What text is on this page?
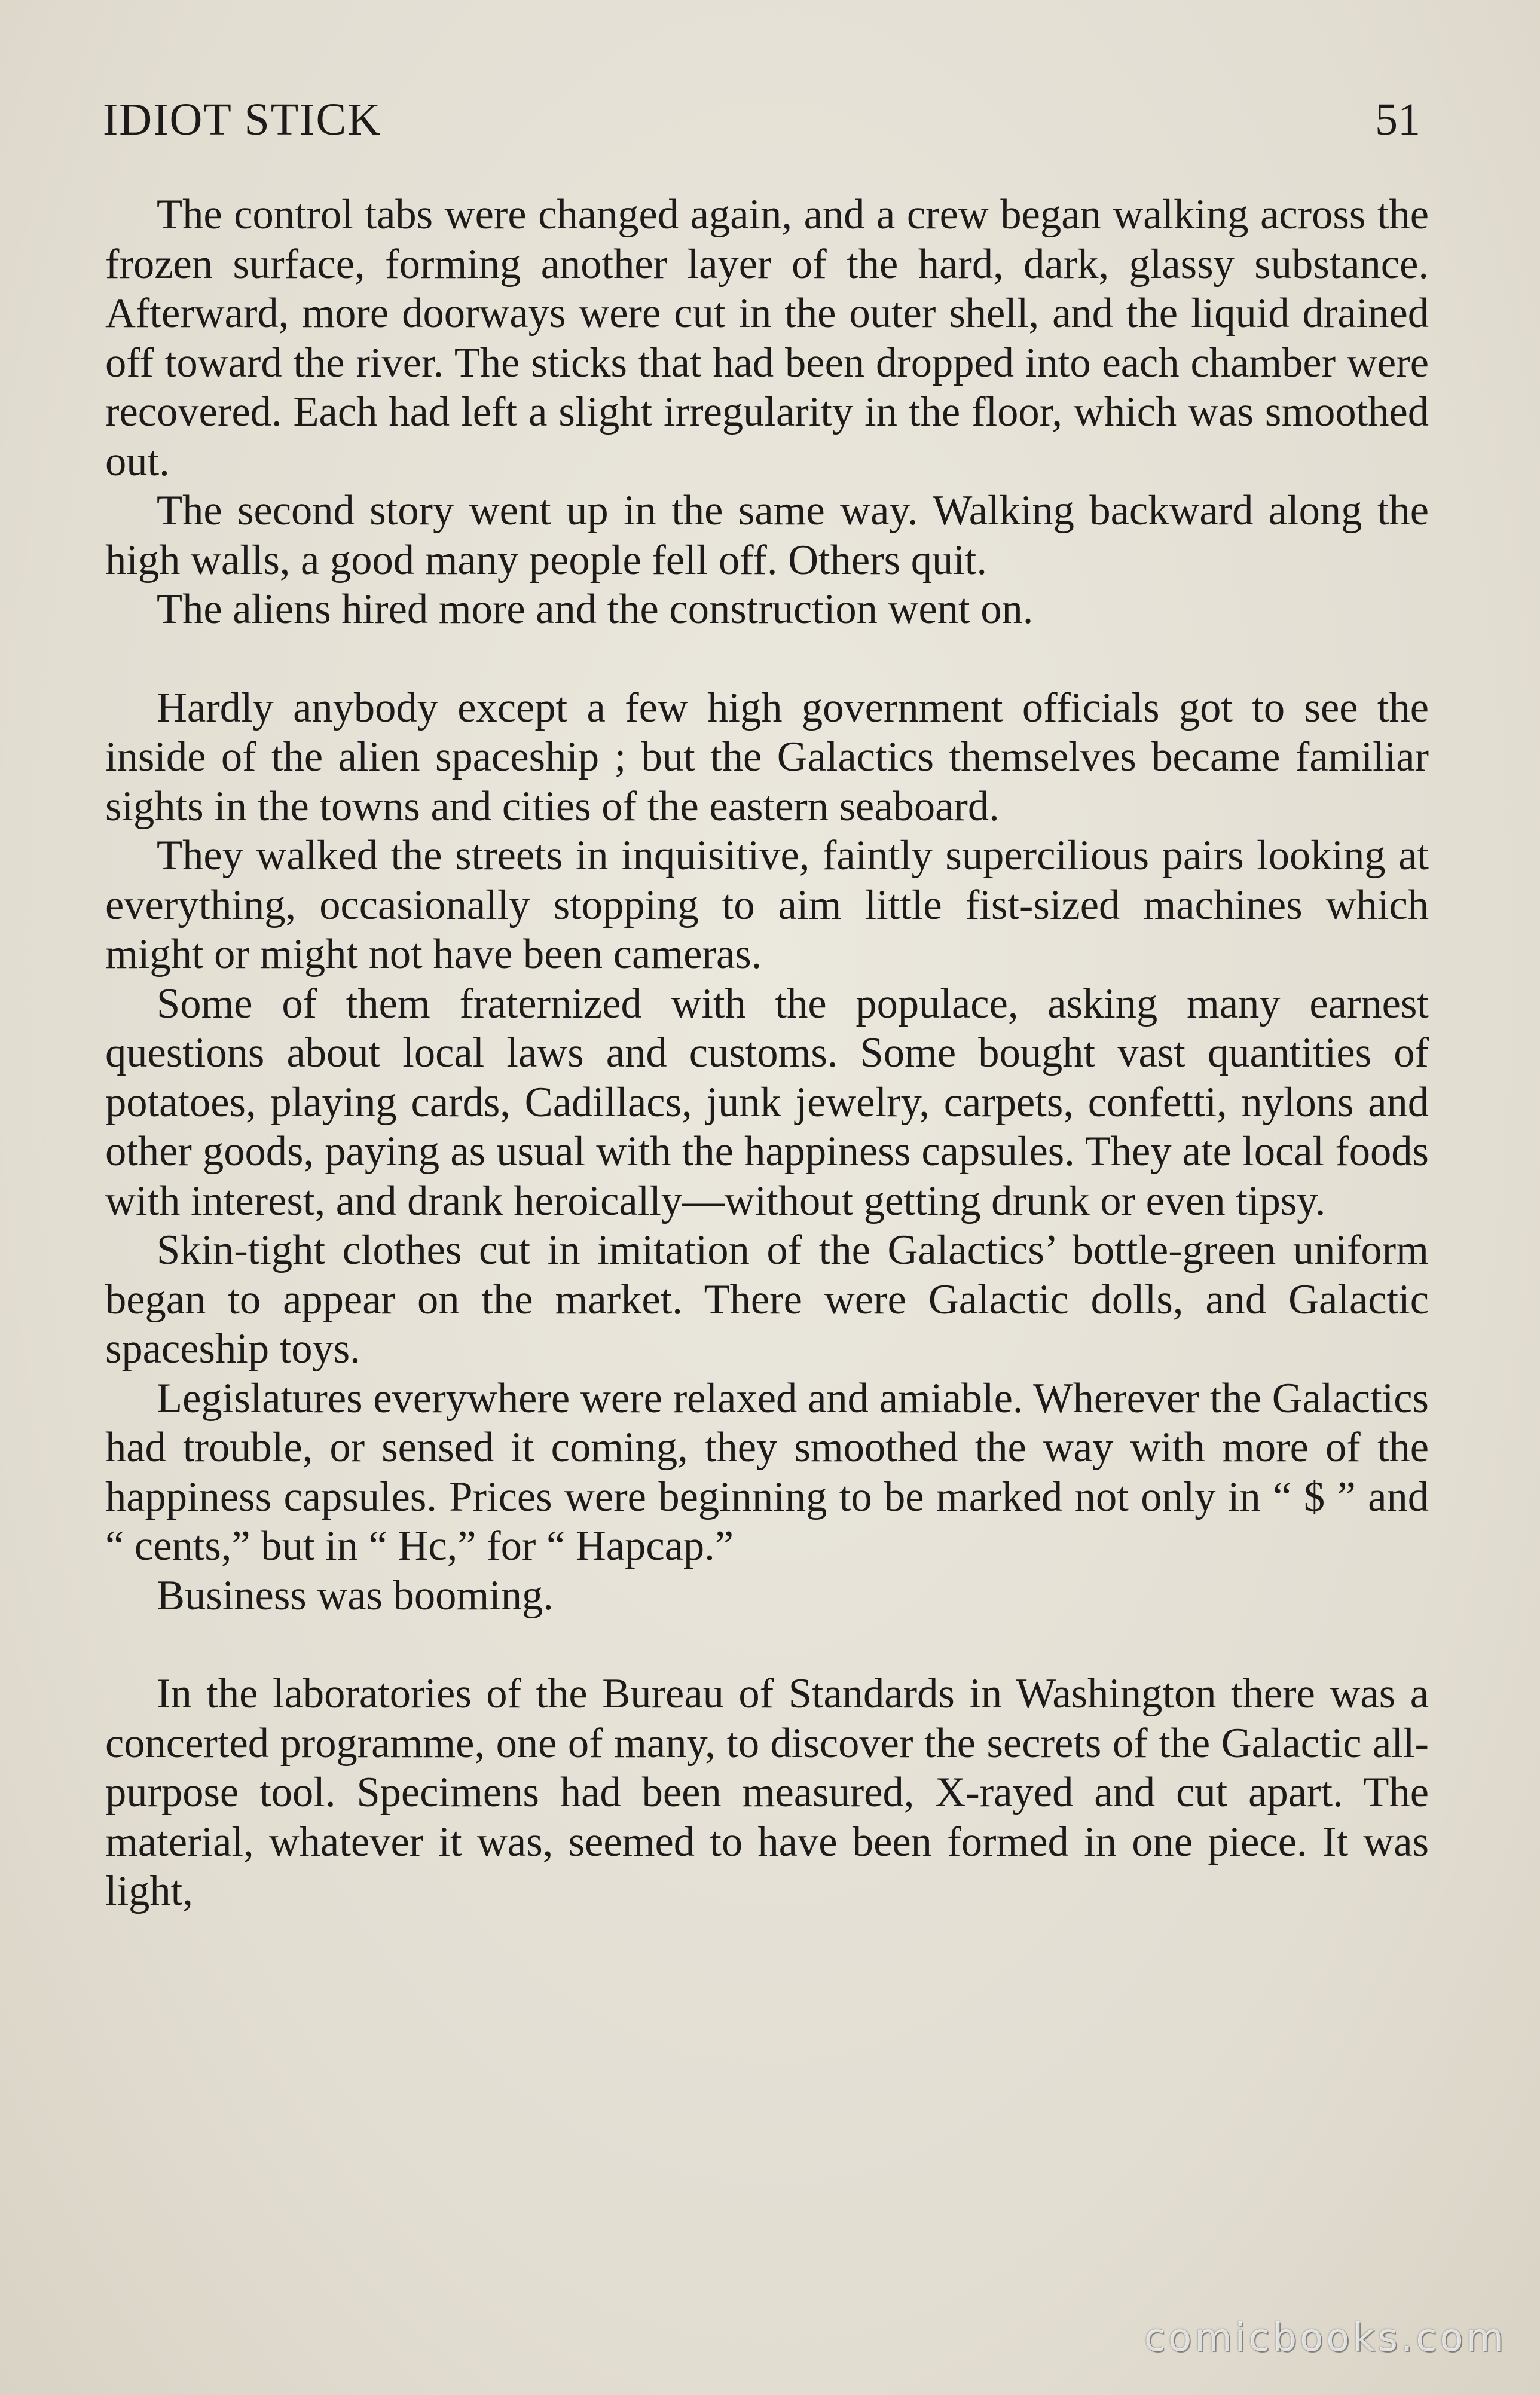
IDIOT STICK	51

The control tabs were changed again, and a crew began walking across the frozen surface, forming another layer of the hard, dark, glassy substance. Afterward, more doorways were cut in the outer shell, and the liquid drained off toward the river. The sticks that had been dropped into each chamber were recovered. Each had left a slight irregularity in the floor, which was smoothed out.

The second story went up in the same way. Walking backward along the high walls, a good many people fell off. Others quit.

The aliens hired more and the construction went on.

Hardly anybody except a few high government officials got to see the inside of the alien spaceship ; but the Galactics themselves became familiar sights in the towns and cities of the eastern seaboard.

They walked the streets in inquisitive, faintly supercilious pairs looking at everything, occasionally stopping to aim little fist-sized machines which might or might not have been cameras.

Some of them fraternized with the populace, asking many earnest questions about local laws and customs. Some bought vast quantities of potatoes, playing cards, Cadillacs, junk jewelry, carpets, confetti, nylons and other goods, paying as usual with the happiness capsules. They ate local foods with interest, and drank heroically—without getting drunk or even tipsy.

Skin-tight clothes cut in imitation of the Galactics’ bottle-green uniform began to appear on the market. There were Galactic dolls, and Galactic spaceship toys.

Legislatures everywhere were relaxed and amiable. Wherever the Galactics had trouble, or sensed it coming, they smoothed the way with more of the happiness capsules. Prices were beginning to be marked not only in “ $ ” and “ cents,” but in “ Hc,” for “ Hapcap.”

Business was booming.

In the laboratories of the Bureau of Standards in Washington there was a concerted programme, one of many, to discover the secrets of the Galactic all-purpose tool. Specimens had been measured, X-rayed and cut apart. The material, whatever it was, seemed to have been formed in one piece. It was light,

comicbooks.com
